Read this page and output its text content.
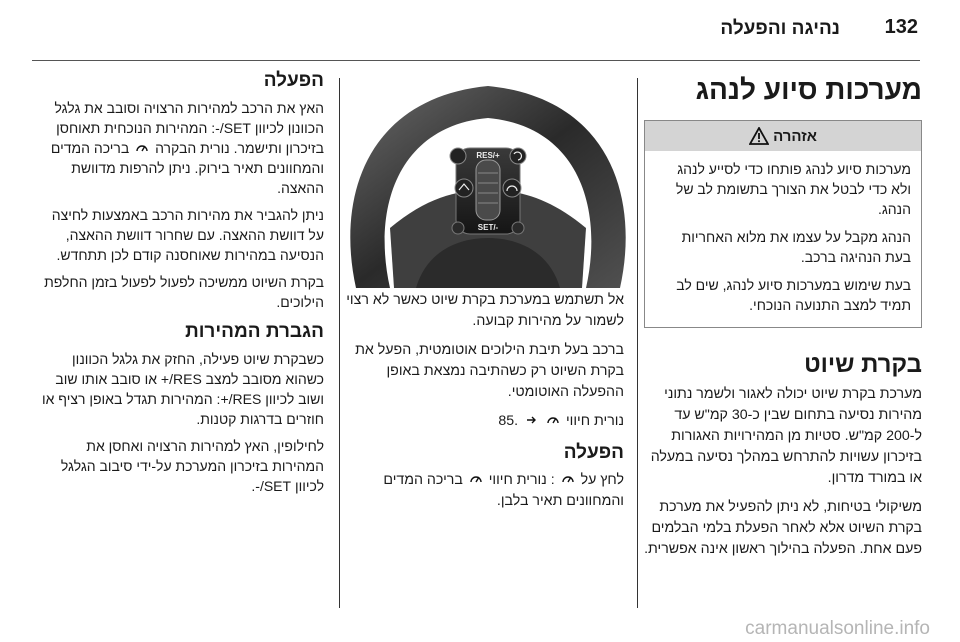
132
נהיגה והפעלה
מערכות סיוע לנהג
אזהרה

מערכות סיוע לנהג פותחו כדי לסייע לנהג ולא כדי לבטל את הצורך בתשומת לב של הנהג.

הנהג מקבל על עצמו את מלוא האחריות בעת הנהיגה ברכב.

בעת שימוש במערכות סיוע לנהג, שים לב תמיד למצב התנועה הנוכחי.

בקרת שיוט

מערכת בקרת שיוט יכולה לאגור ולשמר נתוני מהירות נסיעה בתחום שבין כ-30 קמ"ש עד ל-200 קמ"ש. סטיות מן המהירויות האגורות בזיכרון עשויות להתרחש במהלך נסיעה במעלה או במורד מדרון.

משיקולי בטיחות, לא ניתן להפעיל את מערכת בקרת השיוט אלא לאחר הפעלת בלמי הבלמים פעם אחת. הפעלה בהילוך ראשון אינה אפשרית.

RES/+
SET/-

אל תשתמש במערכת בקרת שיוט כאשר לא רצוי לשמור על מהירות קבועה.

ברכב בעל תיבת הילוכים אוטומטית, הפעל את בקרת השיוט רק כשהתיבה נמצאת באופן ההפעלה האוטומטי.

נורית חיווי   .85

הפעלה

לחץ על  : נורית חיווי  בריכה המדים והמחוונים תאיר בלבן.

הפעלה

האץ את הרכב למהירות הרצויה וסובב את גלגל הכוונון לכיוון SET/-: המהירות הנוכחית תאוחסן בזיכרון ותישמר. נורית הבקרה  בריכה המדים והמחוונים תאיר בירוק. ניתן להרפות מדוושת ההאצה.

ניתן להגביר את מהירות הרכב באמצעות לחיצה על דוושת ההאצה. עם שחרור דוושת ההאצה, הנסיעה במהירות שאוחסנה קודם לכן תתחדש.

בקרת השיוט ממשיכה לפעול לפעול בזמן החלפת הילוכים.

הגברת המהירות

כשבקרת שיוט פעילה, החזק את גלגל הכוונון כשהוא מסובב למצב RES/+ או סובב אותו שוב ושוב לכיוון RES/+: המהירות תגדל באופן רציף או חוזרים בדרגות קטנות.

לחילופין, האץ למהירות הרצויה ואחסן את המהירות בזיכרון המערכת על-ידי סיבוב הגלגל לכיוון SET/-.

carmanualsonline.info
